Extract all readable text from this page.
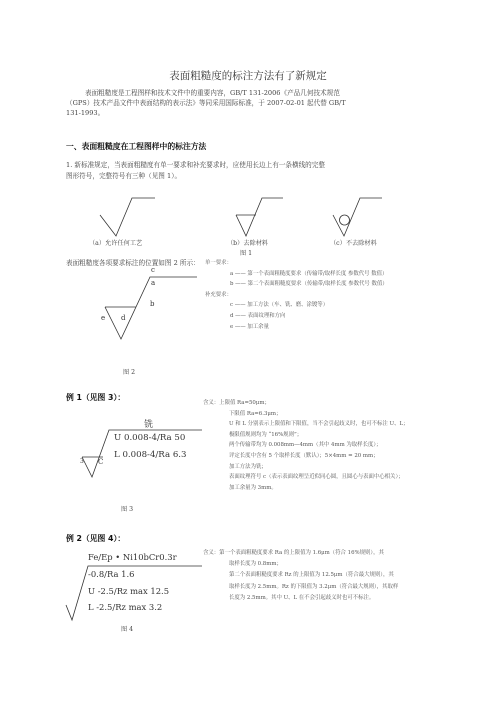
表面粗糙度的标注方法有了新规定
表面粗糙度是工程图样和技术文件中的重要内容，GB/T 131-2006《产品几何技术规范
（GPS）技术产品文件中表面结构的表示法》等同采用国际标准，于 2007-02-01 起代替 GB/T
131-1993。
一、表面粗糙度在工程图样中的标注方法
1. 新标准规定，当表面粗糙度有单一要求和补充要求时，应使用长边上有一条横线的完整
图形符号，完整符号有三种（见图 1）。
（a）允许任何工艺	（b）去除材料	（c）不去除材料
图 1
表面粗糙度各项要求标注的位置如图 2 所示：
c
a
b
e d
图 2
单一要求：
a —— 第一个表面粗糙度要求（传输带/取样长度 参数代号 数值）
b —— 第二个表面粗糙度要求（传输带/取样长度 参数代号 数值）
补充要求：
c —— 加工方法（车、铣、磨、涂镀等）
d —— 表面纹理和方向
e —— 加工余量
例 1（见图 3）：
铣
U 0.008-4/Ra 50
L 0.008-4/Ra 6.3
3 C
图 3
含义：上限值 Ra=50μm；
下限值 Ra=6.3μm；
U 和 L 分别表示上限值和下限值，当不会引起歧义时，也可不标注 U、L；
极限值规则均为 “16%规则”；
两个传输带均为 0.008mm—4mm（其中 4mm 为取样长度）；
评定长度中含有 5 个取样长度（默认）；5×4mm = 20 mm；
加工方法为铣；
表面纹理符号 c（表示表面纹理呈近似同心圆，且圆心与表面中心相关）；
加工余量为 3mm。
例 2（见图 4）：
Fe/Ep • Ni10bCr0.3r
-0.8/Ra 1.6
U -2.5/Rz max 12.5
L -2.5/Rz max 3.2
图 4
含义：第一个表面粗糙度要求 Ra 的上限值为 1.6μm（符合 16%规则），其
取样长度为 0.8mm；
第二个表面粗糙度要求 Rz 的上限值为 12.5μm（符合最大规则），其
取样长度为 2.5mm。Rz 的下限值为 3.2μm（符合最大规则），其取样
长度为 2.5mm。其中 U、L 在不会引起歧义时也可不标注。
